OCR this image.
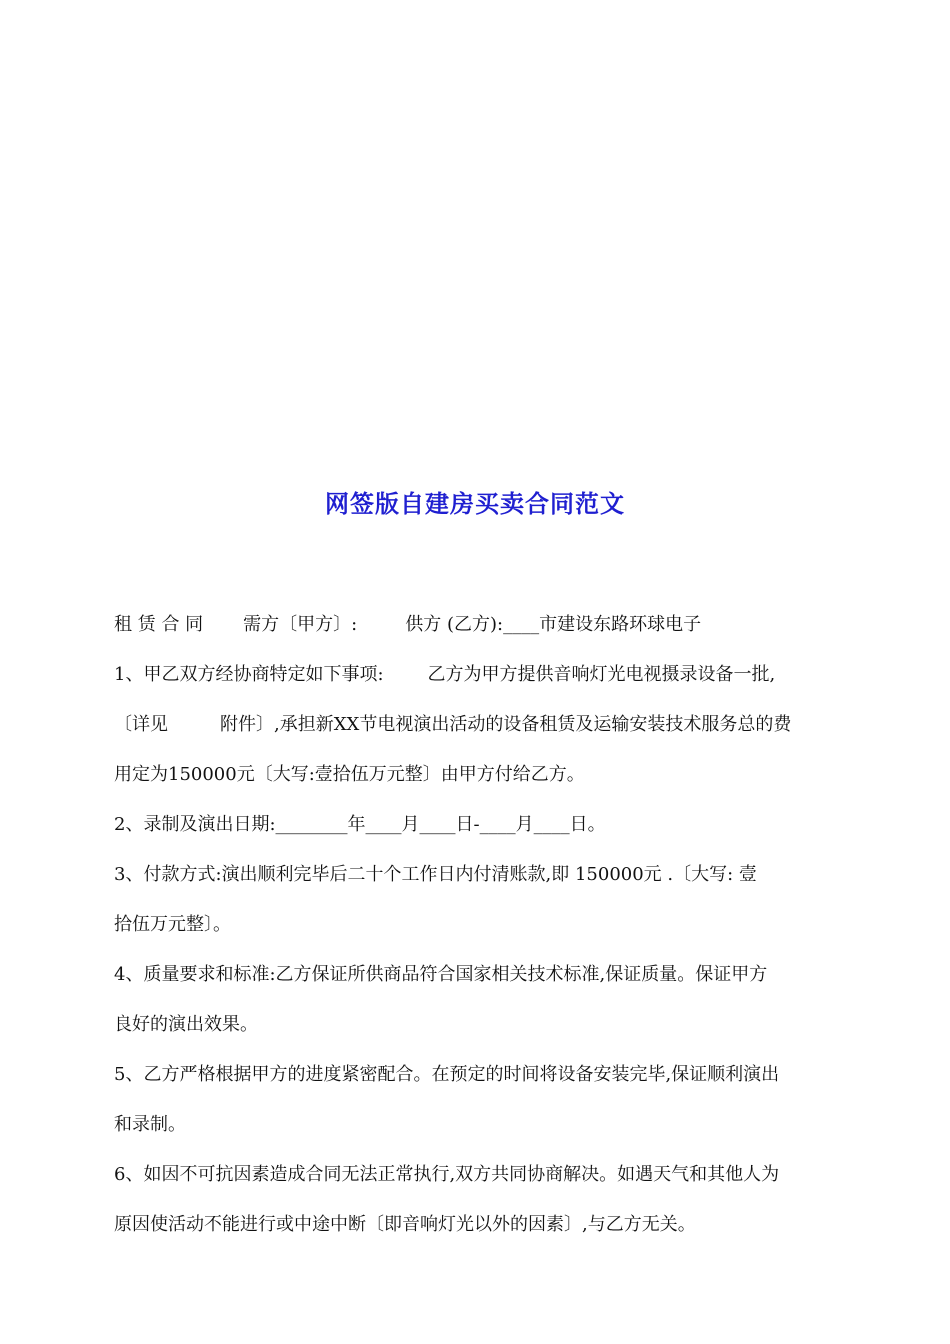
网签版自建房买卖合同范文
租 赁 合 同 需方〔甲方〕:	供方 (乙方):____市建设东路环球电子
1、甲乙双方经协商特定如下事项: 乙方为甲方提供音响灯光电视摄录设备一批,
〔详见	附件〕,承担新XX节电视演出活动的设备租赁及运输安装技术服务总的费
用定为150000元〔大写:壹拾伍万元整〕由甲方付给乙方。
2、录制及演出日期:________年____月____日-____月____日。
3、付款方式:演出顺利完毕后二十个工作日内付清账款,即 150000元 .〔大写: 壹
拾伍万元整〕。
4、质量要求和标准:乙方保证所供商品符合国家相关技术标准,保证质量。保证甲方
良好的演出效果。
5、乙方严格根据甲方的进度紧密配合。在预定的时间将设备安装完毕,保证顺利演出
和录制。
6、如因不可抗因素造成合同无法正常执行,双方共同协商解决。如遇天气和其他人为
原因使活动不能进行或中途中断〔即音响灯光以外的因素〕,与乙方无关。
